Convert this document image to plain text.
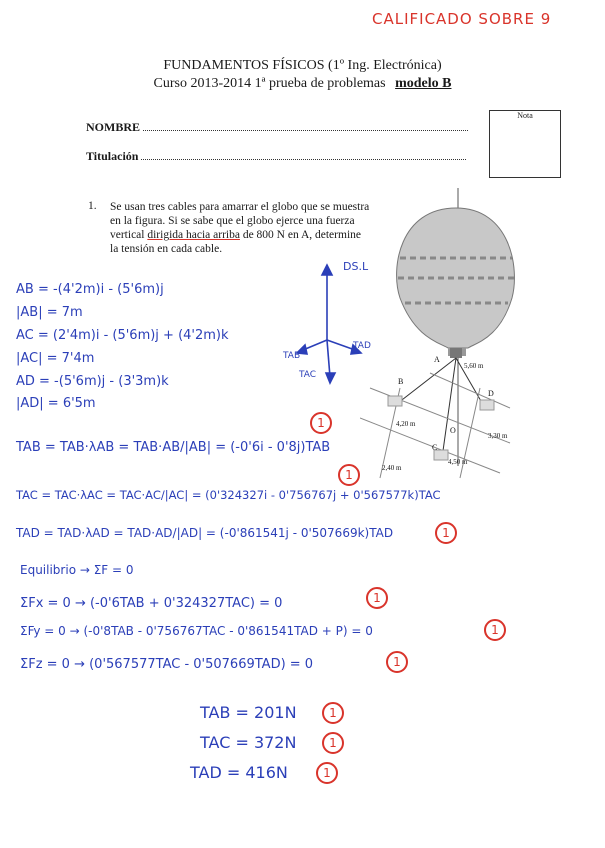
CALIFICADO SOBRE 9
FUNDAMENTOS FÍSICOS (1º Ing. Electrónica)
Curso 2013-2014 1ª prueba de problemas modelo B
NOMBRE
Titulación
Nota
1. Se usan tres cables para amarrar el globo que se muestra en la figura. Si se sabe que el globo ejerce una fuerza vertical dirigida hacia arriba de 800 N en A, determine la tensión en cada cable.
A
B
D
C
O
5,60 m
4,20 m
3,30 m
2,40 m
4,50 m
DS.L
TAB
TAD
TAC
AB = -(4'2m)i - (5'6m)j
|AB| = 7m
AC = (2'4m)i - (5'6m)j + (4'2m)k
|AC| = 7'4m
AD = -(5'6m)j - (3'3m)k
|AD| = 6'5m
1
TAB = TAB·λAB = TAB·AB/|AB| = (-0'6i - 0'8j)TAB
1
TAC = TAC·λAC = TAC·AC/|AC| = (0'324327i - 0'756767j + 0'567577k)TAC
TAD = TAD·λAD = TAD·AD/|AD| = (-0'861541j - 0'507669k)TAD	1
Equilibrio → ΣF = 0
ΣFx = 0 → (-0'6TAB + 0'324327TAC) = 0	1
ΣFy = 0 → (-0'8TAB - 0'756767TAC - 0'861541TAD + P) = 0	1
ΣFz = 0 → (0'567577TAC - 0'507669TAD) = 0	1
TAB = 201N	1
TAC = 372N	1
TAD = 416N	1
